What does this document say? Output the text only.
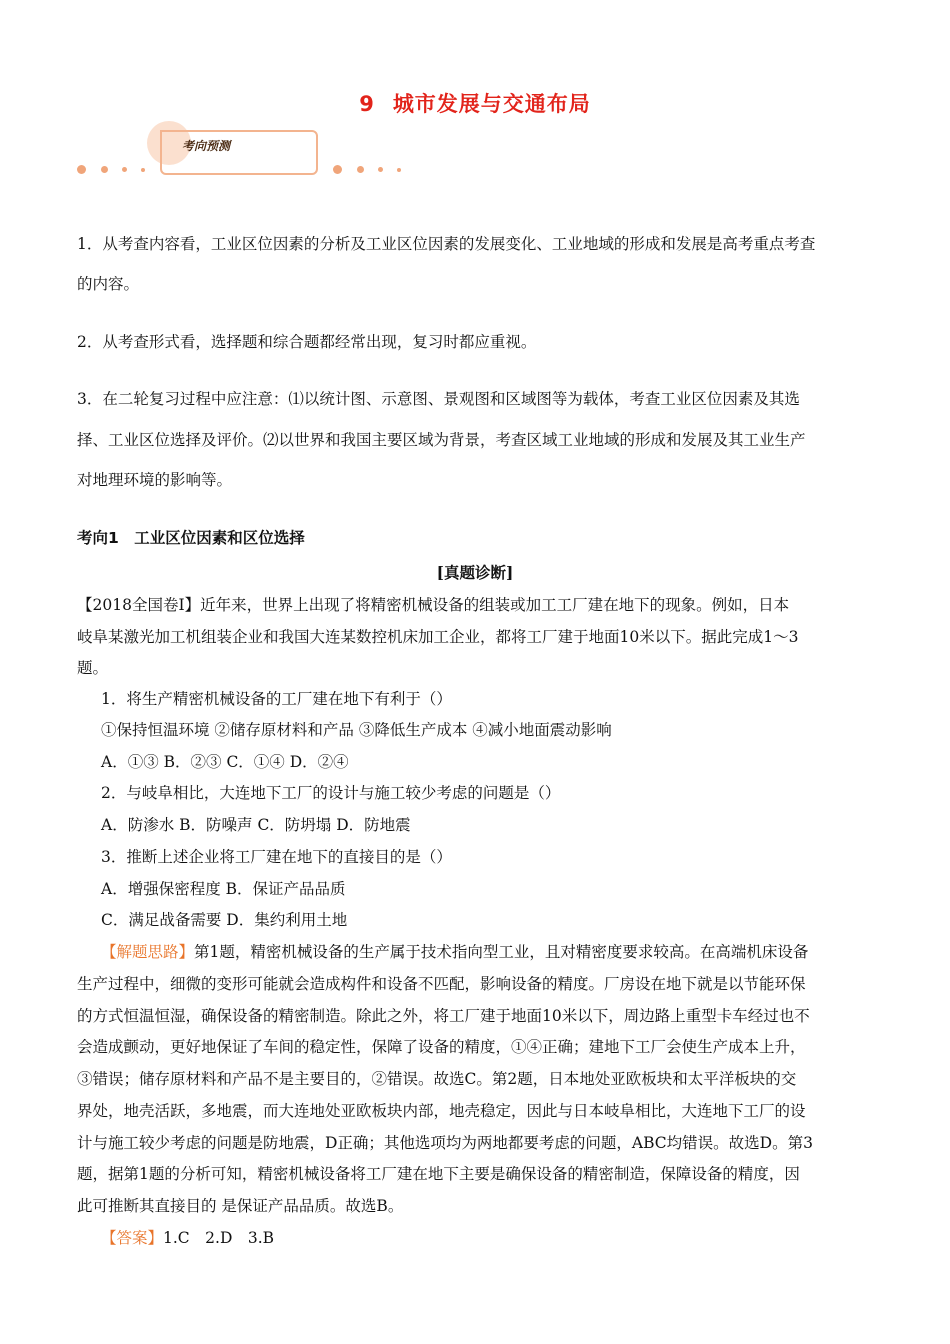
9 城市发展与交通布局
考向预测
1．从考查内容看，工业区位因素的分析及工业区位因素的发展变化、工业地域的形成和发展是高考重点考查
的内容。
2．从考查形式看，选择题和综合题都经常出现，复习时都应重视。
3．在二轮复习过程中应注意：⑴以统计图、示意图、景观图和区域图等为载体，考查工业区位因素及其选
择、工业区位选择及评价。⑵以世界和我国主要区域为背景，考查区域工业地域的形成和发展及其工业生产
对地理环境的影响等。
考向1　工业区位因素和区位选择
[真题诊断]
【2018全国卷Ⅰ】近年来，世界上出现了将精密机械设备的组装或加工工厂建在地下的现象。例如，日本
岐阜某激光加工机组装企业和我国大连某数控机床加工企业，都将工厂建于地面10米以下。据此完成1～3
题。
1．将生产精密机械设备的工厂建在地下有利于（）
①保持恒温环境 ②储存原材料和产品 ③降低生产成本 ④减小地面震动影响
A．①③ B．②③ C．①④ D．②④
2．与岐阜相比，大连地下工厂的设计与施工较少考虑的问题是（）
A．防渗水 B．防噪声 C．防坍塌 D．防地震
3．推断上述企业将工厂建在地下的直接目的是（）
A．增强保密程度 B．保证产品品质
C．满足战备需要 D．集约利用土地
【解题思路】第1题，精密机械设备的生产属于技术指向型工业，且对精密度要求较高。在高端机床设备
生产过程中，细微的变形可能就会造成构件和设备不匹配，影响设备的精度。厂房设在地下就是以节能环保
的方式恒温恒湿，确保设备的精密制造。除此之外，将工厂建于地面10米以下，周边路上重型卡车经过也不
会造成颤动，更好地保证了车间的稳定性，保障了设备的精度，①④正确；建地下工厂会使生产成本上升，
③错误；储存原材料和产品不是主要目的，②错误。故选C。第2题，日本地处亚欧板块和太平洋板块的交
界处，地壳活跃，多地震，而大连地处亚欧板块内部，地壳稳定，因此与日本岐阜相比，大连地下工厂的设
计与施工较少考虑的问题是防地震，D正确；其他选项均为两地都要考虑的问题，ABC均错误。故选D。第3
题，据第1题的分析可知，精密机械设备将工厂建在地下主要是确保设备的精密制造，保障设备的精度，因
此可推断其直接目的 是保证产品品质。故选B。
【答案】1.C　2.D　3.B
